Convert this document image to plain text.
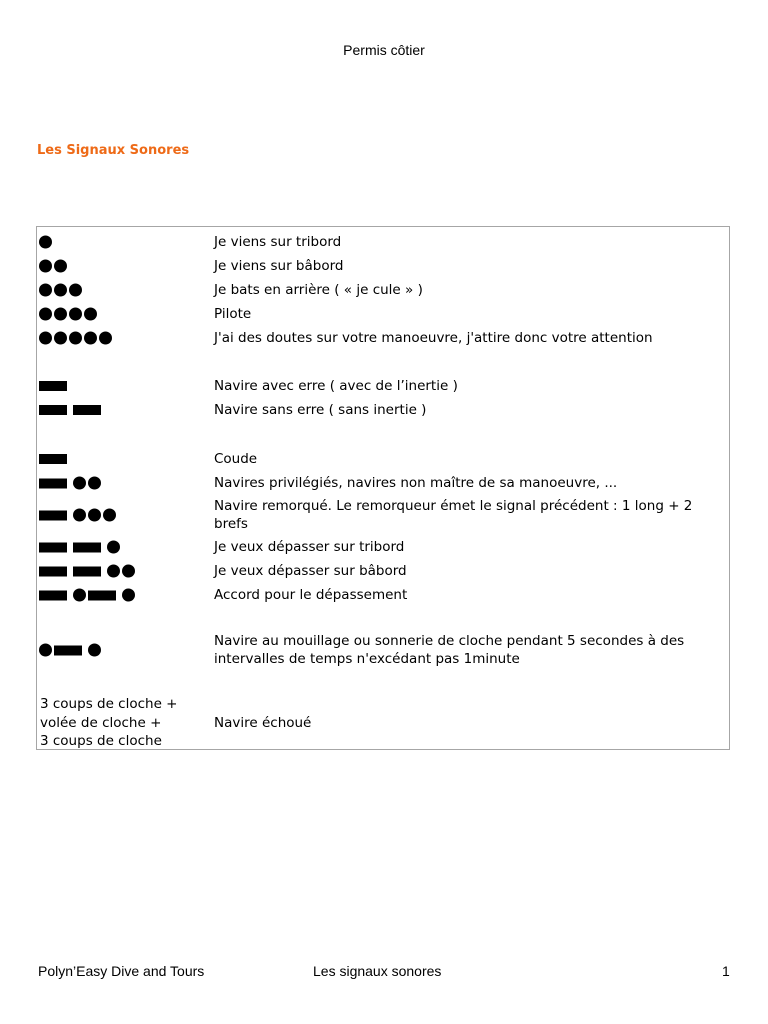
Permis côtier
Les Signaux Sonores
Je viens sur tribord
Je viens sur bâbord
Je bats en arrière ( « je cule » )
Pilote
J'ai des doutes sur votre manoeuvre, j'attire donc votre attention
Navire avec erre ( avec de l’inertie )
Navire sans erre ( sans inertie )
Coude
Navires privilégiés, navires non maître de sa manoeuvre, ...
Navire remorqué. Le remorqueur émet le signal précédent : 1 long + 2 brefs
Je veux dépasser sur tribord
Je veux dépasser sur bâbord
Accord pour le dépassement
Navire au mouillage ou sonnerie de cloche pendant 5 secondes à des intervalles de temps n'excédant pas 1minute
3 coups de cloche +
volée de cloche +
3 coups de cloche
Navire échoué
Polyn’Easy Dive and Tours	Les signaux sonores	1
